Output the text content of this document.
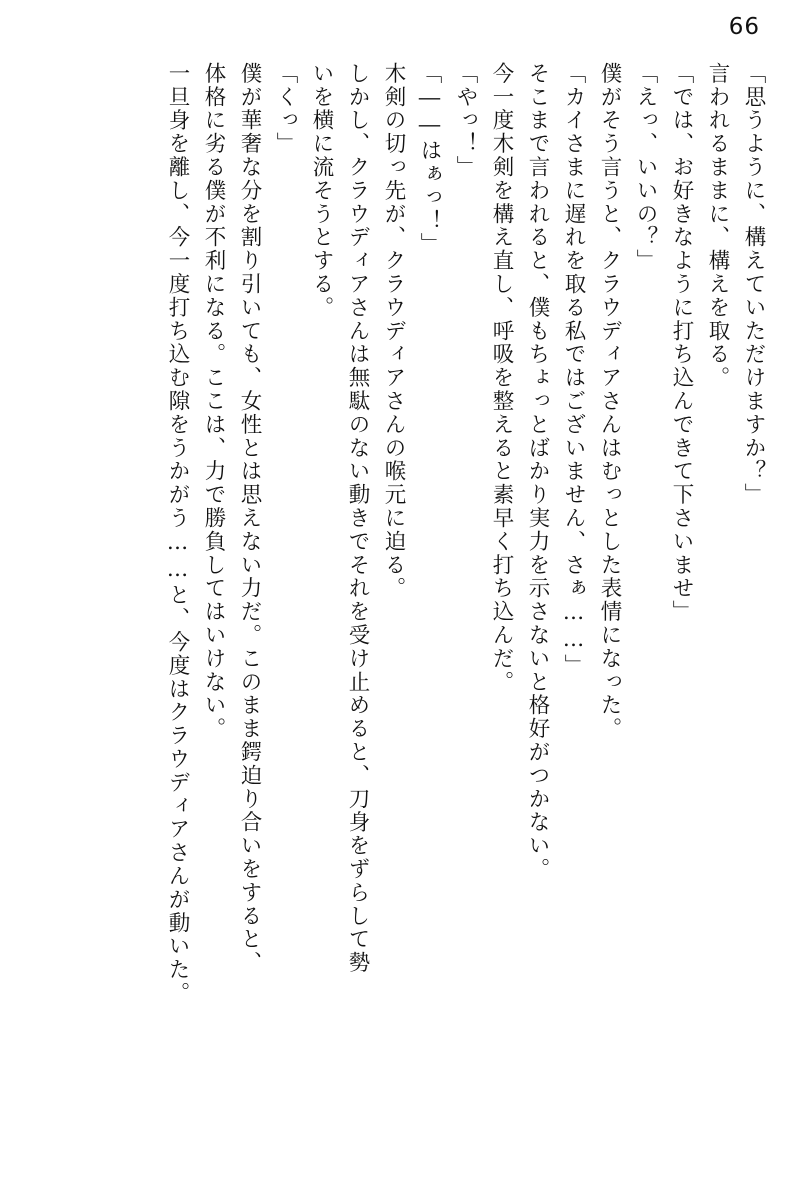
66
「思うように、構えていただけますか？」
言われるままに、構えを取る。
「では、お好きなように打ち込んできて下さいませ」
「えっ、いいの？」
僕がそう言うと、クラウディアさんはむっとした表情になった。
「カイさまに遅れを取る私ではございません、さぁ……」
そこまで言われると、僕もちょっとばかり実力を示さないと格好がつかない。
今一度木剣を構え直し、呼吸を整えると素早く打ち込んだ。
「やっ！」
「――はぁっ！」
木剣の切っ先が、クラウディアさんの喉元に迫る。
しかし、クラウディアさんは無駄のない動きでそれを受け止めると、刀身をずらして勢
いを横に流そうとする。
「くっ」
僕が華奢な分を割り引いても、女性とは思えない力だ。このまま鍔迫り合いをすると、
体格に劣る僕が不利になる。ここは、力で勝負してはいけない。
一旦身を離し、今一度打ち込む隙をうかがう……と、今度はクラウディアさんが動いた。
